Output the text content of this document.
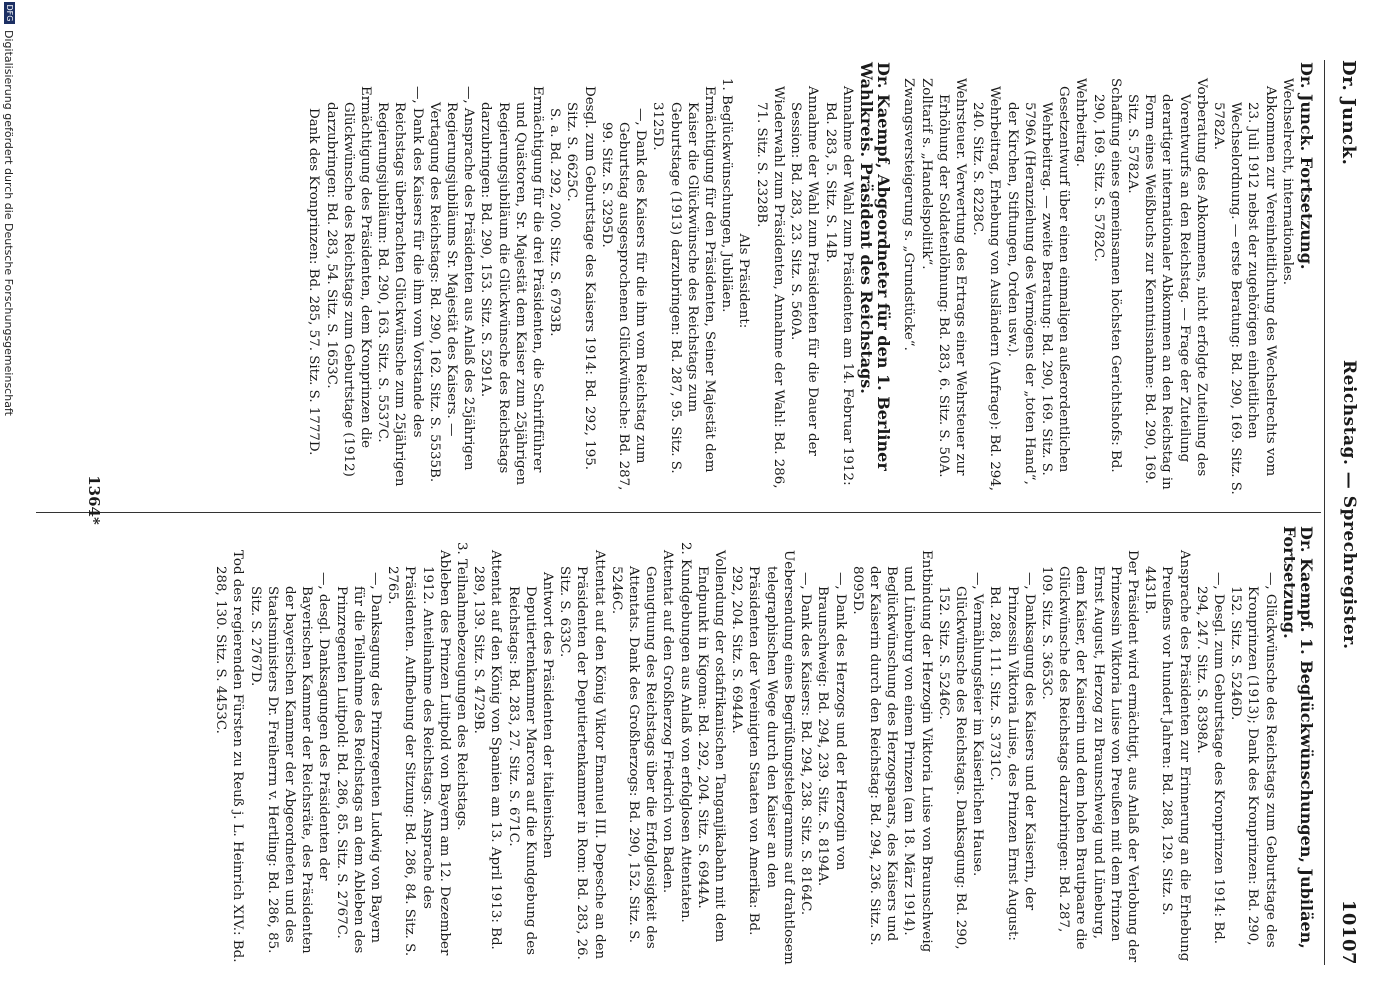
Dr. Junck.
Reichstag. — Sprechregister.
10107

Dr. Junck. Fortsetzung.

Wechselrecht, internationales.

Abkommen zur Vereinheitlichung des Wechselrechts vom 23. Juli 1912 nebst der zugehörigen einheitlichen Wechselordnung. — erste Beratung: Bd. 290, 169. Sitz. S. 5782A.

Vorberatung des Abkommens, nicht erfolgte Zuteilung des Vorentwurfs an den Reichstag. — Frage der Zuteilung derartiger internationaler Abkommen an den Reichstag in Form eines Weißbuchs zur Kenntnisnahme: Bd. 290, 169. Sitz. S. 5782A.

Schaffung eines gemeinsamen höchsten Gerichtshofs: Bd. 290, 169. Sitz. S. 5782C.

Wehrbeitrag.

Gesetzentwurf über einen einmaligen außerordentlichen Wehrbeitrag. — zweite Beratung: Bd. 290, 169. Sitz. S. 5796A (Heranziehung des Vermögens der „toten Hand“, der Kirchen, Stiftungen, Orden usw.).

Wehrbeitrag, Erhebung von Ausländern (Anfrage): Bd. 294, 240. Sitz. S. 8228C.

Wehrsteuer. Verwertung des Ertrags einer Wehrsteuer zur Erhöhung der Soldatenlöhnung: Bd. 283, 6. Sitz. S. 50A.

Zolltarif s. „Handelspolitik“.

Zwangsversteigerung s. „Grundstücke“.

Dr. Kaempf, Abgeordneter für den 1. Berliner Wahlkreis. Präsident des Reichstags.

Annahme der Wahl zum Präsidenten am 14. Februar 1912: Bd. 283, 5. Sitz. S. 14B.

Annahme der Wahl zum Präsidenten für die Dauer der Session: Bd. 283, 23. Sitz. S. 560A.

Wiederwahl zum Präsidenten, Annahme der Wahl: Bd. 286, 71. Sitz. S. 2328B.

Als Präsident:

1. Beglückwünschungen, Jubiläen.

Ermächtigung für den Präsidenten, Seiner Majestät dem Kaiser die Glückwünsche des Reichstags zum Geburtstage (1913) darzubringen: Bd. 287, 95. Sitz. S. 3125D.

—, Dank des Kaisers für die ihm vom Reichstag zum Geburtstag ausgesprochenen Glückwünsche: Bd. 287, 99. Sitz. S. 3295D.

Desgl. zum Geburtstage des Kaisers 1914: Bd. 292, 195. Sitz. S. 6625C.

S. a. Bd. 292, 200. Sitz. S. 6793B.

Ermächtigung für die drei Präsidenten, die Schriftführer und Quästoren, Sr. Majestät dem Kaiser zum 25jährigen Regierungsjubiläum die Glückwünsche des Reichstags darzubringen: Bd. 290, 153. Sitz. S. 5291A.

—, Ansprache des Präsidenten aus Anlaß des 25jährigen Regierungsjubiläums Sr. Majestät des Kaisers. — Vertagung des Reichstags: Bd. 290, 162. Sitz. S. 5535B.

—, Dank des Kaisers für die ihm vom Vorstande des Reichstags überbrachten Glückwünsche zum 25jährigen Regierungsjubiläum: Bd. 290, 163. Sitz. S. 5537C.

Ermächtigung des Präsidenten, dem Kronprinzen die Glückwünsche des Reichstags zum Geburtstage (1912) darzubringen: Bd. 283, 54. Sitz. S. 1653C.

Dank des Kronprinzen: Bd. 285, 57. Sitz. S. 1777D.

Dr. Kaempf. 1. Beglückwünschungen, Jubiläen, Fortsetzung.

—, Glückwünsche des Reichstags zum Geburtstage des Kronprinzen (1913); Dank des Kronprinzen: Bd. 290, 152. Sitz. S. 5246D.

—, Desgl. zum Geburtstage des Kronprinzen 1914: Bd. 294, 247. Sitz. S. 8398A.

Ansprache des Präsidenten zur Erinnerung an die Erhebung Preußens vor hundert Jahren: Bd. 288, 129. Sitz. S. 4431B.

Der Präsident wird ermächtigt, aus Anlaß der Verlobung der Prinzessin Viktoria Luise von Preußen mit dem Prinzen Ernst August, Herzog zu Braunschweig und Lüneburg, dem Kaiser, der Kaiserin und dem hohen Brautpaare die Glückwünsche des Reichstags darzubringen: Bd. 287, 109. Sitz. S. 3653C.

—, Danksagung des Kaisers und der Kaiserin, der Prinzessin Viktoria Luise, des Prinzen Ernst August: Bd. 288, 111. Sitz. S. 3731C.

—, Vermählungsfeier im Kaiserlichen Hause. Glückwünsche des Reichstags. Danksagung: Bd. 290, 152. Sitz. S. 5246C.

Entbindung der Herzogin Viktoria Luise von Braunschweig und Lüneburg von einem Prinzen (am 18. März 1914). Beglückwünschung des Herzogspaars, des Kaisers und der Kaiserin durch den Reichstag: Bd. 294, 236. Sitz. S. 8095D.

—, Dank des Herzogs und der Herzogin von Braunschweig: Bd. 294, 239. Sitz. S. 8194A.

—, Dank des Kaisers: Bd. 294, 238. Sitz. S. 8164C.

Uebersendung eines Begrüßungstelegramms auf drahtlosem telegraphischen Wege durch den Kaiser an den Präsidenten der Vereinigten Staaten von Amerika: Bd. 292, 204. Sitz. S. 6944A.

Vollendung der ostafrikanischen Tanganjikabahn mit dem Endpunkt in Kigoma: Bd. 292, 204. Sitz. S. 6944A.

2. Kundgebungen aus Anlaß von erfolglosen Attentaten.

Attentat auf den Großherzog Friedrich von Baden. Genugtuung des Reichstags über die Erfolglosigkeit des Attentats. Dank des Großherzogs: Bd. 290, 152. Sitz. S. 5246C.

Attentat auf den König Viktor Emanuel III. Depesche an den Präsidenten der Deputiertenkammer in Rom: Bd. 283, 26. Sitz. S. 633C.

Antwort des Präsidenten der italienischen Deputiertenkammer Marcora auf die Kundgebung des Reichstags: Bd. 283, 27. Sitz. S. 671C.

Attentat auf den König von Spanien am 13. April 1913: Bd. 289, 139. Sitz. S. 4729B.

3. Teilnahmebezeugungen des Reichstags.

Ableben des Prinzen Luitpold von Bayern am 12. Dezember 1912. Anteilnahme des Reichstags. Ansprache des Präsidenten. Aufhebung der Sitzung: Bd. 286, 84. Sitz. S. 2765.

—, Danksagung des Prinzregenten Ludwig von Bayern für die Teilnahme des Reichstags an dem Ableben des Prinzregenten Luitpold: Bd. 286, 85. Sitz. S. 2767C.

—, desgl. Danksagungen des Präsidenten der Bayerischen Kammer der Reichsräte, des Präsidenten der bayerischen Kammer der Abgeordneten und des Staatsministers Dr. Freiherrn v. Hertling: Bd. 286, 85. Sitz. S. 2767D.

Tod des regierenden Fürsten zu Reuß j. L. Heinrich XIV.: Bd. 288, 130. Sitz. S. 4453C.

1364*
DFGDigitalisierung gefördert durch die Deutsche Forschungsgemeinschaft
